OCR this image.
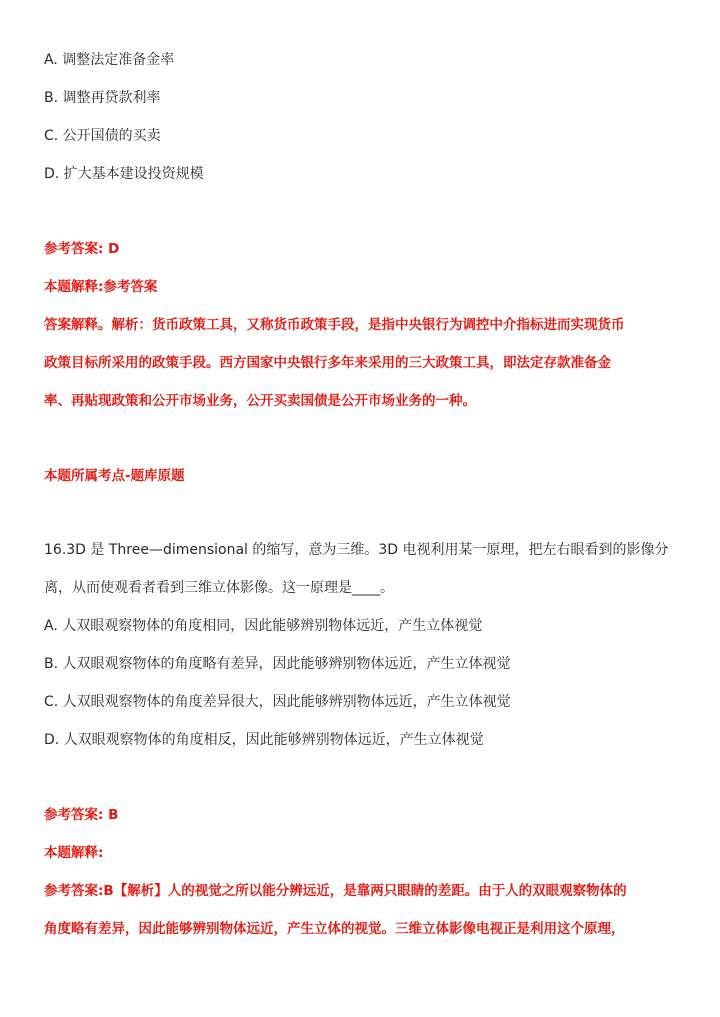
A. 调整法定准备金率
B. 调整再贷款利率
C. 公开国债的买卖
D. 扩大基本建设投资规模
参考答案: D
本题解释:参考答案
答案解释。解析：货币政策工具，又称货币政策手段，是指中央银行为调控中介指标进而实现货币
政策目标所采用的政策手段。西方国家中央银行多年来采用的三大政策工具，即法定存款准备金
率、再贴现政策和公开市场业务，公开买卖国债是公开市场业务的一种。
本题所属考点-题库原题
16.3D 是 Three—dimensional 的缩写，意为三维。3D 电视利用某一原理，把左右眼看到的影像分
离，从而使观看者看到三维立体影像。这一原理是____。
A. 人双眼观察物体的角度相同，因此能够辨别物体远近，产生立体视觉
B. 人双眼观察物体的角度略有差异，因此能够辨别物体远近，产生立体视觉
C. 人双眼观察物体的角度差异很大，因此能够辨别物体远近，产生立体视觉
D. 人双眼观察物体的角度相反，因此能够辨别物体远近，产生立体视觉
参考答案: B
本题解释:
参考答案:B【解析】人的视觉之所以能分辨远近，是靠两只眼睛的差距。由于人的双眼观察物体的
角度略有差异，因此能够辨别物体远近，产生立体的视觉。三维立体影像电视正是利用这个原理，
